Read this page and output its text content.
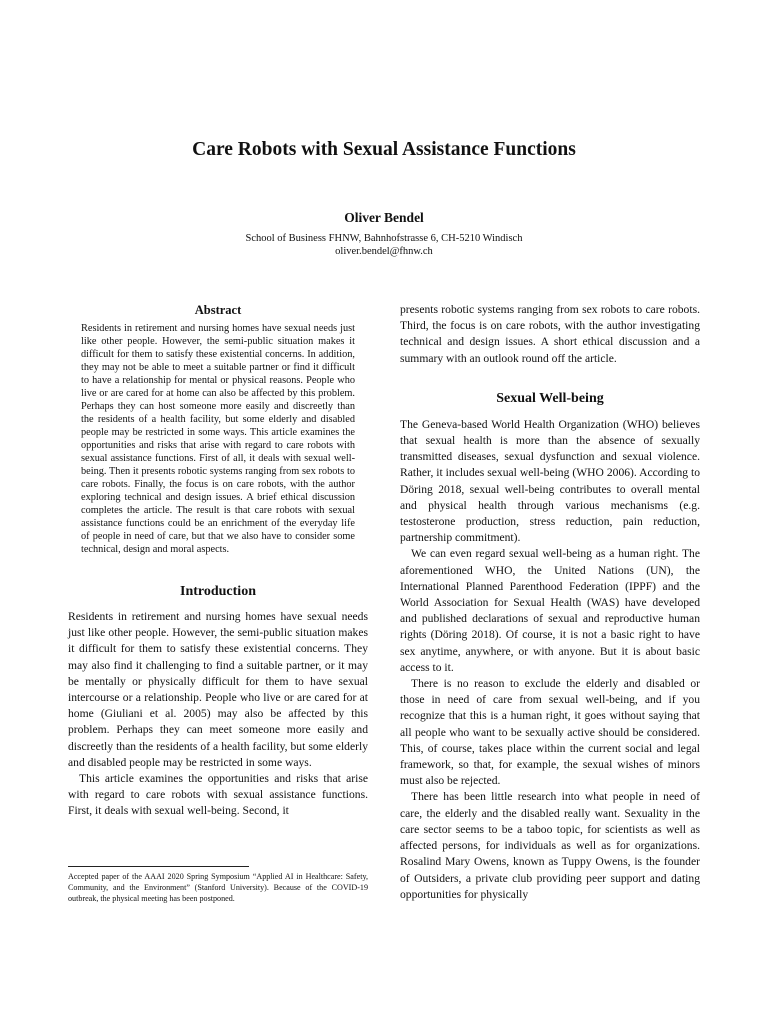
Care Robots with Sexual Assistance Functions
Oliver Bendel
School of Business FHNW, Bahnhofstrasse 6, CH-5210 Windisch
oliver.bendel@fhnw.ch
Abstract

Residents in retirement and nursing homes have sexual needs just like other people. However, the semi-public situation makes it difficult for them to satisfy these existential concerns. In addition, they may not be able to meet a suitable partner or find it difficult to have a relationship for mental or physical reasons. People who live or are cared for at home can also be affected by this problem. Perhaps they can host someone more easily and discreetly than the residents of a health facility, but some elderly and disabled people may be restricted in some ways. This article examines the opportunities and risks that arise with regard to care robots with sexual assistance functions. First of all, it deals with sexual well-being. Then it presents robotic systems ranging from sex robots to care robots. Finally, the focus is on care robots, with the author exploring technical and design issues. A brief ethical discussion completes the article. The result is that care robots with sexual assistance functions could be an enrichment of the everyday life of people in need of care, but that we also have to consider some technical, design and moral aspects.

Introduction

Residents in retirement and nursing homes have sexual needs just like other people. However, the semi-public situation makes it difficult for them to satisfy these existential concerns. They may also find it challenging to find a suitable partner, or it may be mentally or physically difficult for them to have sexual intercourse or a relationship. People who live or are cared for at home (Giuliani et al. 2005) may also be affected by this problem. Perhaps they can meet someone more easily and discreetly than the residents of a health facility, but some elderly and disabled people may be restricted in some ways.

This article examines the opportunities and risks that arise with regard to care robots with sexual assistance functions. First, it deals with sexual well-being. Second, it

Accepted paper of the AAAI 2020 Spring Symposium “Applied AI in Healthcare: Safety, Community, and the Environment” (Stanford University). Because of the COVID-19 outbreak, the physical meeting has been postponed.

presents robotic systems ranging from sex robots to care robots. Third, the focus is on care robots, with the author investigating technical and design issues. A short ethical discussion and a summary with an outlook round off the article.

Sexual Well-being

The Geneva-based World Health Organization (WHO) believes that sexual health is more than the absence of sexually transmitted diseases, sexual dysfunction and sexual violence. Rather, it includes sexual well-being (WHO 2006). According to Döring 2018, sexual well-being contributes to overall mental and physical health through various mechanisms (e.g. testosterone production, stress reduction, pain reduction, partnership commitment).

We can even regard sexual well-being as a human right. The aforementioned WHO, the United Nations (UN), the International Planned Parenthood Federation (IPPF) and the World Association for Sexual Health (WAS) have developed and published declarations of sexual and reproductive human rights (Döring 2018). Of course, it is not a basic right to have sex anytime, anywhere, or with anyone. But it is about basic access to it.

There is no reason to exclude the elderly and disabled or those in need of care from sexual well-being, and if you recognize that this is a human right, it goes without saying that all people who want to be sexually active should be considered. This, of course, takes place within the current social and legal framework, so that, for example, the sexual wishes of minors must also be rejected.

There has been little research into what people in need of care, the elderly and the disabled really want. Sexuality in the care sector seems to be a taboo topic, for scientists as well as affected persons, for individuals as well as for organizations. Rosalind Mary Owens, known as Tuppy Owens, is the founder of Outsiders, a private club providing peer support and dating opportunities for physically
